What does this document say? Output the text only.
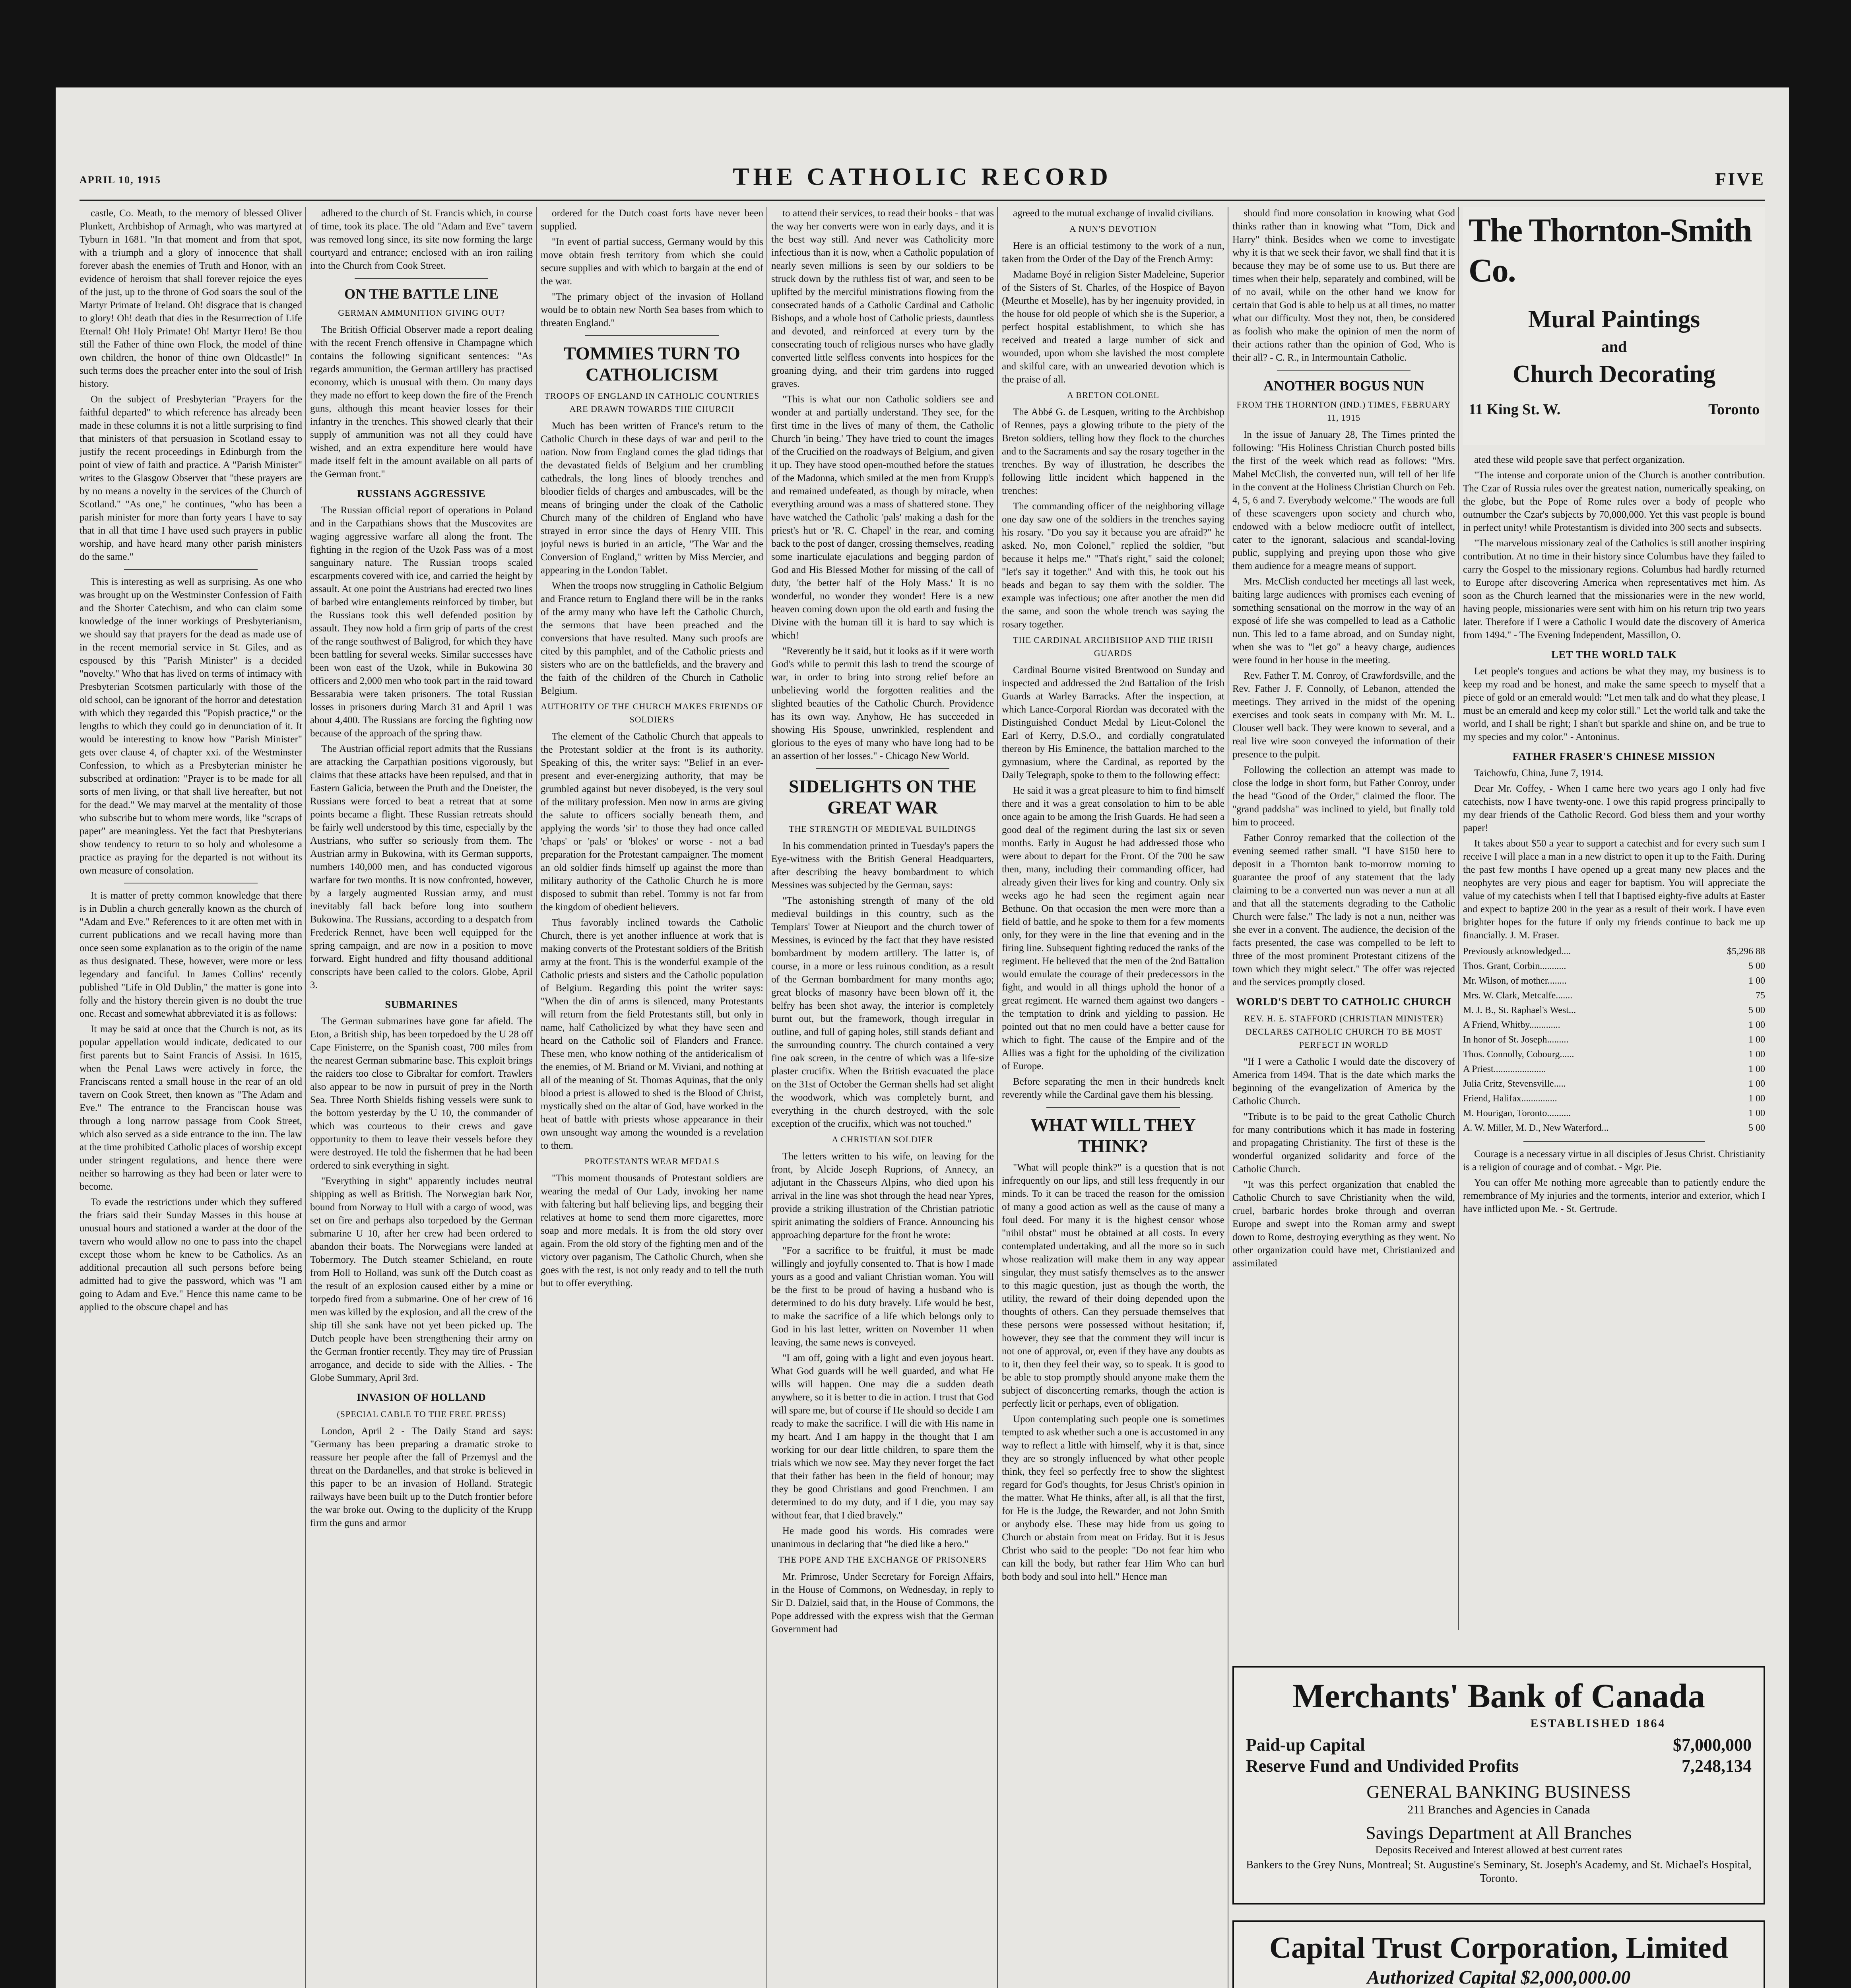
APRIL 10, 1915	THE CATHOLIC RECORD	FIVE

castle, Co. Meath, to the memory of blessed Oliver Plunkett, Archbishop of Armagh, who was martyred at Tyburn in 1681. "In that moment and from that spot, with a triumph and a glory of innocence that shall forever abash the enemies of Truth and Honor, with an evidence of heroism that shall forever rejoice the eyes of the just, up to the throne of God soars the soul of the Martyr Primate of Ireland. Oh! disgrace that is changed to glory! Oh! death that dies in the Resurrection of Life Eternal! Oh! Holy Primate! Oh! Martyr Hero! Be thou still the Father of thine own Flock, the model of thine own children, the honor of thine own Oldcastle!" In such terms does the preacher enter into the soul of Irish history.

On the subject of Presbyterian "Prayers for the faithful departed" to which reference has already been made in these columns it is not a little surprising to find that ministers of that persuasion in Scotland essay to justify the recent proceedings in Edinburgh from the point of view of faith and practice. A "Parish Minister" writes to the Glasgow Observer that "these prayers are by no means a novelty in the services of the Church of Scotland." "As one," he continues, "who has been a parish minister for more than forty years I have to say that in all that time I have used such prayers in public worship, and have heard many other parish ministers do the same."

This is interesting as well as surprising. As one who was brought up on the Westminster Confession of Faith and the Shorter Catechism, and who can claim some knowledge of the inner workings of Presbyterianism, we should say that prayers for the dead as made use of in the recent memorial service in St. Giles, and as espoused by this "Parish Minister" is a decided "novelty." Who that has lived on terms of intimacy with Presbyterian Scotsmen particularly with those of the old school, can be ignorant of the horror and detestation with which they regarded this "Popish practice," or the lengths to which they could go in denunciation of it. It would be interesting to know how "Parish Minister" gets over clause 4, of chapter xxi. of the Westminster Confession, to which as a Presbyterian minister he subscribed at ordination: "Prayer is to be made for all sorts of men living, or that shall live hereafter, but not for the dead." We may marvel at the mentality of those who subscribe but to whom mere words, like "scraps of paper" are meaningless. Yet the fact that Presbyterians show tendency to return to so holy and wholesome a practice as praying for the departed is not without its own measure of consolation.

It is matter of pretty common knowledge that there is in Dublin a church generally known as the church of "Adam and Eve." References to it are often met with in current publications and we recall having more than once seen some explanation as to the origin of the name as thus designated. These, however, were more or less legendary and fanciful. In James Collins' recently published "Life in Old Dublin," the matter is gone into folly and the history therein given is no doubt the true one. Recast and somewhat abbreviated it is as follows:

It may be said at once that the Church is not, as its popular appellation would indicate, dedicated to our first parents but to Saint Francis of Assisi. In 1615, when the Penal Laws were actively in force, the Franciscans rented a small house in the rear of an old tavern on Cook Street, then known as "The Adam and Eve." The entrance to the Franciscan house was through a long narrow passage from Cook Street, which also served as a side entrance to the inn. The law at the time prohibited Catholic places of worship except under stringent regulations, and hence there were neither so harrowing as they had been or later were to become.

To evade the restrictions under which they suffered the friars said their Sunday Masses in this house at unusual hours and stationed a warder at the door of the tavern who would allow no one to pass into the chapel except those whom he knew to be Catholics. As an additional precaution all such persons before being admitted had to give the password, which was "I am going to Adam and Eve." Hence this name came to be applied to the obscure chapel and has

adhered to the church of St. Francis which, in course of time, took its place. The old "Adam and Eve" tavern was removed long since, its site now forming the large courtyard and entrance; enclosed with an iron railing into the Church from Cook Street.

ON THE BATTLE LINE
GERMAN AMMUNITION GIVING OUT?

The British Official Observer made a report dealing with the recent French offensive in Champagne which contains the following significant sentences: "As regards ammunition, the German artillery has practised economy, which is unusual with them. On many days they made no effort to keep down the fire of the French guns, although this meant heavier losses for their infantry in the trenches. This showed clearly that their supply of ammunition was not all they could have wished, and an extra expenditure here would have made itself felt in the amount available on all parts of the German front."

RUSSIANS AGGRESSIVE

The Russian official report of operations in Poland and in the Carpathians shows that the Muscovites are waging aggressive warfare all along the front. The fighting in the region of the Uzok Pass was of a most sanguinary nature. The Russian troops scaled escarpments covered with ice, and carried the height by assault. At one point the Austrians had erected two lines of barbed wire entanglements reinforced by timber, but the Russians took this well defended position by assault. They now hold a firm grip of parts of the crest of the range southwest of Baligrod, for which they have been battling for several weeks. Similar successes have been won east of the Uzok, while in Bukowina 30 officers and 2,000 men who took part in the raid toward Bessarabia were taken prisoners. The total Russian losses in prisoners during March 31 and April 1 was about 4,400. The Russians are forcing the fighting now because of the approach of the spring thaw.

The Austrian official report admits that the Russians are attacking the Carpathian positions vigorously, but claims that these attacks have been repulsed, and that in Eastern Galicia, between the Pruth and the Dneister, the Russians were forced to beat a retreat that at some points became a flight. These Russian retreats should be fairly well understood by this time, especially by the Austrians, who suffer so seriously from them. The Austrian army in Bukowina, with its German supports, numbers 140,000 men, and has conducted vigorous warfare for two months. It is now confronted, however, by a largely augmented Russian army, and must inevitably fall back before long into southern Bukowina. The Russians, according to a despatch from Frederick Rennet, have been well equipped for the spring campaign, and are now in a position to move forward. Eight hundred and fifty thousand additional conscripts have been called to the colors. Globe, April 3.

SUBMARINES

The German submarines have gone far afield. The Eton, a British ship, has been torpedoed by the U 28 off Cape Finisterre, on the Spanish coast, 700 miles from the nearest German submarine base. This exploit brings the raiders too close to Gibraltar for comfort. Trawlers also appear to be now in pursuit of prey in the North Sea. Three North Shields fishing vessels were sunk to the bottom yesterday by the U 10, the commander of which was courteous to their crews and gave opportunity to them to leave their vessels before they were destroyed. He told the fishermen that he had been ordered to sink everything in sight.

"Everything in sight" apparently includes neutral shipping as well as British. The Norwegian bark Nor, bound from Norway to Hull with a cargo of wood, was set on fire and perhaps also torpedoed by the German submarine U 10, after her crew had been ordered to abandon their boats. The Norwegians were landed at Tobermory. The Dutch steamer Schieland, en route from Holl to Holland, was sunk off the Dutch coast as the result of an explosion caused either by a mine or torpedo fired from a submarine. One of her crew of 16 men was killed by the explosion, and all the crew of the ship till she sank have not yet been picked up. The Dutch people have been strengthening their army on the German frontier recently. They may tire of Prussian arrogance, and decide to side with the Allies. - The Globe Summary, April 3rd.

INVASION OF HOLLAND
(SPECIAL CABLE TO THE FREE PRESS)

London, April 2 - The Daily Stand ard says: "Germany has been preparing a dramatic stroke to reassure her people after the fall of Przemysl and the threat on the Dardanelles, and that stroke is believed in this paper to be an invasion of Holland. Strategic railways have been built up to the Dutch frontier before the war broke out. Owing to the duplicity of the Krupp firm the guns and armor

ordered for the Dutch coast forts have never been supplied.

"In event of partial success, Germany would by this move obtain fresh territory from which she could secure supplies and with which to bargain at the end of the war.

"The primary object of the invasion of Holland would be to obtain new North Sea bases from which to threaten England."

TOMMIES TURN TO CATHOLICISM
TROOPS OF ENGLAND IN CATHOLIC COUNTRIES ARE DRAWN TOWARDS THE CHURCH

Much has been written of France's return to the Catholic Church in these days of war and peril to the nation. Now from England comes the glad tidings that the devastated fields of Belgium and her crumbling cathedrals, the long lines of bloody trenches and bloodier fields of charges and ambuscades, will be the means of bringing under the cloak of the Catholic Church many of the children of England who have strayed in error since the days of Henry VIII. This joyful news is buried in an article, "The War and the Conversion of England," written by Miss Mercier, and appearing in the London Tablet.

When the troops now struggling in Catholic Belgium and France return to England there will be in the ranks of the army many who have left the Catholic Church, the sermons that have been preached and the conversions that have resulted. Many such proofs are cited by this pamphlet, and of the Catholic priests and sisters who are on the battlefields, and the bravery and the faith of the children of the Church in Catholic Belgium.

AUTHORITY OF THE CHURCH MAKES FRIENDS OF SOLDIERS

The element of the Catholic Church that appeals to the Protestant soldier at the front is its authority. Speaking of this, the writer says: "Belief in an ever-present and ever-energizing authority, that may be grumbled against but never disobeyed, is the very soul of the military profession. Men now in arms are giving the salute to officers socially beneath them, and applying the words 'sir' to those they had once called 'chaps' or 'pals' or 'blokes' or worse - not a bad preparation for the Protestant campaigner. The moment an old soldier finds himself up against the more than military authority of the Catholic Church he is more disposed to submit than rebel. Tommy is not far from the kingdom of obedient believers.

Thus favorably inclined towards the Catholic Church, there is yet another influence at work that is making converts of the Protestant soldiers of the British army at the front. This is the wonderful example of the Catholic priests and sisters and the Catholic population of Belgium. Regarding this point the writer says: "When the din of arms is silenced, many Protestants will return from the field Protestants still, but only in name, half Catholicized by what they have seen and heard on the Catholic soil of Flanders and France. These men, who know nothing of the antidericalism of the enemies, of M. Briand or M. Viviani, and nothing at all of the meaning of St. Thomas Aquinas, that the only blood a priest is allowed to shed is the Blood of Christ, mystically shed on the altar of God, have worked in the heat of battle with priests whose appearance in their own unsought way among the wounded is a revelation to them.

PROTESTANTS WEAR MEDALS

"This moment thousands of Protestant soldiers are wearing the medal of Our Lady, invoking her name with faltering but half believing lips, and begging their relatives at home to send them more cigarettes, more soap and more medals. It is from the old story over again. From the old story of the fighting men and of the victory over paganism, The Catholic Church, when she goes with the rest, is not only ready and to tell the truth but to offer everything.

to attend their services, to read their books - that was the way her converts were won in early days, and it is the best way still. And never was Catholicity more infectious than it is now, when a Catholic population of nearly seven millions is seen by our soldiers to be struck down by the ruthless fist of war, and seen to be uplifted by the merciful ministrations flowing from the consecrated hands of a Catholic Cardinal and Catholic Bishops, and a whole host of Catholic priests, dauntless and devoted, and reinforced at every turn by the consecrating touch of religious nurses who have gladly converted little selfless convents into hospices for the groaning dying, and their trim gardens into rugged graves.

"This is what our non Catholic soldiers see and wonder at and partially understand. They see, for the first time in the lives of many of them, the Catholic Church 'in being.' They have tried to count the images of the Crucified on the roadways of Belgium, and given it up. They have stood open-mouthed before the statues of the Madonna, which smiled at the men from Krupp's and remained undefeated, as though by miracle, when everything around was a mass of shattered stone. They have watched the Catholic 'pals' making a dash for the priest's hut or 'R. C. Chapel' in the rear, and coming back to the post of danger, crossing themselves, reading some inarticulate ejaculations and begging pardon of God and His Blessed Mother for missing of the call of duty, 'the better half of the Holy Mass.' It is no wonderful, no wonder they wonder! Here is a new heaven coming down upon the old earth and fusing the Divine with the human till it is hard to say which is which!

"Reverently be it said, but it looks as if it were worth God's while to permit this lash to trend the scourge of war, in order to bring into strong relief before an unbelieving world the forgotten realities and the slighted beauties of the Catholic Church. Providence has its own way. Anyhow, He has succeeded in showing His Spouse, unwrinkled, resplendent and glorious to the eyes of many who have long had to be an assertion of her losses." - Chicago New World.

SIDELIGHTS ON THE GREAT WAR
THE STRENGTH OF MEDIEVAL BUILDINGS

In his commendation printed in Tuesday's papers the Eye-witness with the British General Headquarters, after describing the heavy bombardment to which Messines was subjected by the German, says:

"The astonishing strength of many of the old medieval buildings in this country, such as the Templars' Tower at Nieuport and the church tower of Messines, is evinced by the fact that they have resisted bombardment by modern artillery. The latter is, of course, in a more or less ruinous condition, as a result of the German bombardment for many months ago; great blocks of masonry have been blown off it, the belfry has been shot away, the interior is completely burnt out, but the framework, though irregular in outline, and full of gaping holes, still stands defiant and the surrounding country. The church contained a very fine oak screen, in the centre of which was a life-size plaster crucifix. When the British evacuated the place on the 31st of October the German shells had set alight the woodwork, which was completely burnt, and everything in the church destroyed, with the sole exception of the crucifix, which was not touched."

A CHRISTIAN SOLDIER

The letters written to his wife, on leaving for the front, by Alcide Joseph Ruprions, of Annecy, an adjutant in the Chasseurs Alpins, who died upon his arrival in the line was shot through the head near Ypres, provide a striking illustration of the Christian patriotic spirit animating the soldiers of France. Announcing his approaching departure for the front he wrote:

"For a sacrifice to be fruitful, it must be made willingly and joyfully consented to. That is how I made yours as a good and valiant Christian woman. You will be the first to be proud of having a husband who is determined to do his duty bravely. Life would be best, to make the sacrifice of a life which belongs only to God in his last letter, written on November 11 when leaving, the same news is conveyed.

"I am off, going with a light and even joyous heart. What God guards will be well guarded, and what He wills will happen. One may die a sudden death anywhere, so it is better to die in action. I trust that God will spare me, but of course if He should so decide I am ready to make the sacrifice. I will die with His name in my heart. And I am happy in the thought that I am working for our dear little children, to spare them the trials which we now see. May they never forget the fact that their father has been in the field of honour; may they be good Christians and good Frenchmen. I am determined to do my duty, and if I die, you may say without fear, that I died bravely."

He made good his words. His comrades were unanimous in declaring that "he died like a hero."

THE POPE AND THE EXCHANGE OF PRISONERS

Mr. Primrose, Under Secretary for Foreign Affairs, in the House of Commons, on Wednesday, in reply to Sir D. Dalziel, said that, in the House of Commons, the Pope addressed with the express wish that the German Government had

agreed to the mutual exchange of invalid civilians.

A NUN'S DEVOTION

Here is an official testimony to the work of a nun, taken from the Order of the Day of the French Army:

Madame Boyé in religion Sister Madeleine, Superior of the Sisters of St. Charles, of the Hospice of Bayon (Meurthe et Moselle), has by her ingenuity provided, in the house for old people of which she is the Superior, a perfect hospital establishment, to which she has received and treated a large number of sick and wounded, upon whom she lavished the most complete and skilful care, with an unwearied devotion which is the praise of all.

A BRETON COLONEL

The Abbé G. de Lesquen, writing to the Archbishop of Rennes, pays a glowing tribute to the piety of the Breton soldiers, telling how they flock to the churches and to the Sacraments and say the rosary together in the trenches. By way of illustration, he describes the following little incident which happened in the trenches:

The commanding officer of the neighboring village one day saw one of the soldiers in the trenches saying his rosary. "Do you say it because you are afraid?" he asked. No, mon Colonel," replied the soldier, "but because it helps me." "That's right," said the colonel; "let's say it together." And with this, he took out his beads and began to say them with the soldier. The example was infectious; one after another the men did the same, and soon the whole trench was saying the rosary together.

THE CARDINAL ARCHBISHOP AND THE IRISH GUARDS

Cardinal Bourne visited Brentwood on Sunday and inspected and addressed the 2nd Battalion of the Irish Guards at Warley Barracks. After the inspection, at which Lance-Corporal Riordan was decorated with the Distinguished Conduct Medal by Lieut-Colonel the Earl of Kerry, D.S.O., and cordially congratulated thereon by His Eminence, the battalion marched to the gymnasium, where the Cardinal, as reported by the Daily Telegraph, spoke to them to the following effect:

He said it was a great pleasure to him to find himself there and it was a great consolation to him to be able once again to be among the Irish Guards. He had seen a good deal of the regiment during the last six or seven months. Early in August he had addressed those who were about to depart for the Front. Of the 700 he saw then, many, including their commanding officer, had already given their lives for king and country. Only six weeks ago he had seen the regiment again near Bethune. On that occasion the men were more than a field of battle, and he spoke to them for a few moments only, for they were in the line that evening and in the firing line. Subsequent fighting reduced the ranks of the regiment. He believed that the men of the 2nd Battalion would emulate the courage of their predecessors in the fight, and would in all things uphold the honor of a great regiment. He warned them against two dangers - the temptation to drink and yielding to passion. He pointed out that no men could have a better cause for which to fight. The cause of the Empire and of the Allies was a fight for the upholding of the civilization of Europe.

Before separating the men in their hundreds knelt reverently while the Cardinal gave them his blessing.

WHAT WILL THEY THINK?

"What will people think?" is a question that is not infrequently on our lips, and still less frequently in our minds. To it can be traced the reason for the omission of many a good action as well as the cause of many a foul deed. For many it is the highest censor whose "nihil obstat" must be obtained at all costs. In every contemplated undertaking, and all the more so in such whose realization will make them in any way appear singular, they must satisfy themselves as to the answer to this magic question, just as though the worth, the utility, the reward of their doing depended upon the thoughts of others. Can they persuade themselves that these persons were possessed without hesitation; if, however, they see that the comment they will incur is not one of approval, or, even if they have any doubts as to it, then they feel their way, so to speak. It is good to be able to stop promptly should anyone make them the subject of disconcerting remarks, though the action is perfectly licit or perhaps, even of obligation.

Upon contemplating such people one is sometimes tempted to ask whether such a one is accustomed in any way to reflect a little with himself, why it is that, since they are so strongly influenced by what other people think, they feel so perfectly free to show the slightest regard for God's thoughts, for Jesus Christ's opinion in the matter. What He thinks, after all, is all that the first, for He is the Judge, the Rewarder, and not John Smith or anybody else. These may hide from us going to Church or abstain from meat on Friday. But it is Jesus Christ who said to the people: "Do not fear him who can kill the body, but rather fear Him Who can hurl both body and soul into hell." Hence man

should find more consolation in knowing what God thinks rather than in knowing what "Tom, Dick and Harry" think. Besides when we come to investigate why it is that we seek their favor, we shall find that it is because they may be of some use to us. But there are times when their help, separately and combined, will be of no avail, while on the other hand we know for certain that God is able to help us at all times, no matter what our difficulty. Most they not, then, be considered as foolish who make the opinion of men the norm of their actions rather than the opinion of God, Who is their all? - C. R., in Intermountain Catholic.

ANOTHER BOGUS NUN
FROM THE THORNTON (IND.) TIMES, FEBRUARY 11, 1915

In the issue of January 28, The Times printed the following: "His Holiness Christian Church posted bills the first of the week which read as follows: "Mrs. Mabel McClish, the converted nun, will tell of her life in the convent at the Holiness Christian Church on Feb. 4, 5, 6 and 7. Everybody welcome." The woods are full of these scavengers upon society and church who, endowed with a below mediocre outfit of intellect, cater to the ignorant, salacious and scandal-loving public, supplying and preying upon those who give them audience for a meagre means of support.

Mrs. McClish conducted her meetings all last week, baiting large audiences with promises each evening of something sensational on the morrow in the way of an exposé of life she was compelled to lead as a Catholic nun. This led to a fame abroad, and on Sunday night, when she was to "let go" a heavy charge, audiences were found in her house in the meeting.

Rev. Father T. M. Conroy, of Crawfordsville, and the Rev. Father J. F. Connolly, of Lebanon, attended the meetings. They arrived in the midst of the opening exercises and took seats in company with Mr. M. L. Clouser well back. They were known to several, and a real live wire soon conveyed the information of their presence to the pulpit.

Following the collection an attempt was made to close the lodge in short form, but Father Conroy, under the head "Good of the Order," claimed the floor. The "grand paddsha" was inclined to yield, but finally told him to proceed.

Father Conroy remarked that the collection of the evening seemed rather small. "I have $150 here to deposit in a Thornton bank to-morrow morning to guarantee the proof of any statement that the lady claiming to be a converted nun was never a nun at all and that all the statements degrading to the Catholic Church were false." The lady is not a nun, neither was she ever in a convent. The audience, the decision of the facts presented, the case was compelled to be left to three of the most prominent Protestant citizens of the town which they might select." The offer was rejected and the services promptly closed.

WORLD'S DEBT TO CATHOLIC CHURCH
REV. H. E. STAFFORD (CHRISTIAN MINISTER) DECLARES CATHOLIC CHURCH TO BE MOST PERFECT IN WORLD

"If I were a Catholic I would date the discovery of America from 1494. That is the date which marks the beginning of the evangelization of America by the Catholic Church.

"Tribute is to be paid to the great Catholic Church for many contributions which it has made in fostering and propagating Christianity. The first of these is the wonderful organized solidarity and force of the Catholic Church.

"It was this perfect organization that enabled the Catholic Church to save Christianity when the wild, cruel, barbaric hordes broke through and overran Europe and swept into the Roman army and swept down to Rome, destroying everything as they went. No other organization could have met, Christianized and assimilated

The Thornton-Smith Co.
Mural Paintings
and
Church Decorating
11 King St. W.	Toronto

ated these wild people save that perfect organization.

"The intense and corporate union of the Church is another contribution. The Czar of Russia rules over the greatest nation, numerically speaking, on the globe, but the Pope of Rome rules over a body of people who outnumber the Czar's subjects by 70,000,000. Yet this vast people is bound in perfect unity! while Protestantism is divided into 300 sects and subsects.

"The marvelous missionary zeal of the Catholics is still another inspiring contribution. At no time in their history since Columbus have they failed to carry the Gospel to the missionary regions. Columbus had hardly returned to Europe after discovering America when representatives met him. As soon as the Church learned that the missionaries were in the new world, having people, missionaries were sent with him on his return trip two years later. Therefore if I were a Catholic I would date the discovery of America from 1494." - The Evening Independent, Massillon, O.

LET THE WORLD TALK

Let people's tongues and actions be what they may, my business is to keep my road and be honest, and make the same speech to myself that a piece of gold or an emerald would: "Let men talk and do what they please, I must be an emerald and keep my color still." Let the world talk and take the world, and I shall be right; I shan't but sparkle and shine on, and be true to my species and my color." - Antoninus.

FATHER FRASER'S CHINESE MISSION

Taichowfu, China, June 7, 1914.

Dear Mr. Coffey, - When I came here two years ago I only had five catechists, now I have twenty-one. I owe this rapid progress principally to my dear friends of the Catholic Record. God bless them and your worthy paper!

It takes about $50 a year to support a catechist and for every such sum I receive I will place a man in a new district to open it up to the Faith. During the past few months I have opened up a great many new places and the neophytes are very pious and eager for baptism. You will appreciate the value of my catechists when I tell that I baptised eighty-five adults at Easter and expect to baptize 200 in the year as a result of their work. I have even brighter hopes for the future if only my friends continue to back me up financially. J. M. Fraser.

Previously acknowledged....	$5,296 88
Thos. Grant, Corbin...........	5 00
Mr. Wilson, of mother........	1 00
Mrs. W. Clark, Metcalfe.......	75
M. J. B., St. Raphael's West...	5 00
A Friend, Whitby.............	1 00
In honor of St. Joseph.........	1 00
Thos. Connolly, Cobourg......	1 00
A Priest......................	1 00
Julia Critz, Stevensville.....	1 00
Friend, Halifax...............	1 00
M. Hourigan, Toronto..........	1 00
A. W. Miller, M. D., New Waterford...	5 00

Courage is a necessary virtue in all disciples of Jesus Christ. Christianity is a religion of courage and of combat. - Mgr. Pie.

You can offer Me nothing more agreeable than to patiently endure the remembrance of My injuries and the torments, interior and exterior, which I have inflicted upon Me. - St. Gertrude.

Merchants' Bank of Canada
ESTABLISHED 1864
Paid-up Capital
Reserve Fund and Undivided Profits
$7,000,000
7,248,134
GENERAL BANKING BUSINESS
211 Branches and Agencies in Canada
Savings Department at All Branches
Deposits Received and Interest allowed at best current rates
Bankers to the Grey Nuns, Montreal; St. Augustine's Seminary, St. Joseph's Academy, and St. Michael's Hospital, Toronto.
Capital Trust Corporation, Limited
Authorized Capital $2,000,000.00
